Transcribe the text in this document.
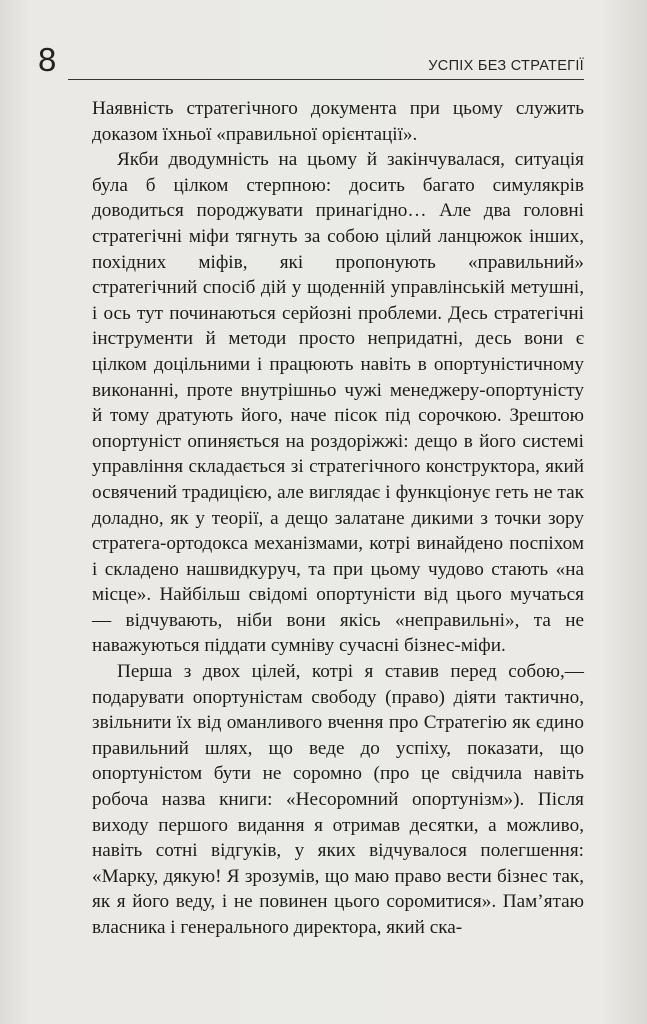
8	УСПІХ БЕЗ СТРАТЕГІЇ

Наявність стратегічного документа при цьому служить доказом їхньої «правильної орієнтації».

Якби дводумність на цьому й закінчувалася, ситуація була б цілком стерпною: досить багато симулякрів доводиться породжувати принагідно… Але два головні стратегічні міфи тягнуть за собою цілий ланцюжок інших, похідних міфів, які пропонують «правильний» стратегічний спосіб дій у щоденній управлінській метушні, і ось тут починаються серйозні проблеми. Десь стратегічні інструменти й методи просто непридатні, десь вони є цілком доцільними і працюють навіть в опортуністичному виконанні, проте внутрішньо чужі менеджеру-опортуністу й тому дратують його, наче пісок під сорочкою. Зрештою опортуніст опиняється на роздоріжжі: дещо в його системі управління складається зі стратегічного конструктора, який освячений традицією, але виглядає і функціонує геть не так доладно, як у теорії, а дещо залатане дикими з точки зору стратега-ортодокса механізмами, котрі винайдено поспіхом і складено нашвидкуруч, та при цьому чудово стають «на місце». Найбільш свідомі опортуністи від цього мучаться — відчувають, ніби вони якісь «неправильні», та не наважуються піддати сумніву сучасні бізнес-міфи.

Перша з двох цілей, котрі я ставив перед собою,— подарувати опортуністам свободу (право) діяти тактично, звільнити їх від оманливого вчення про Стратегію як єдино правильний шлях, що веде до успіху, показати, що опортуністом бути не соромно (про це свідчила навіть робоча назва книги: «Несоромний опортунізм»). Після виходу першого видання я отримав десятки, а можливо, навіть сотні відгуків, у яких відчувалося полегшення: «Марку, дякую! Я зрозумів, що маю право вести бізнес так, як я його веду, і не повинен цього соромитися». Пам’ятаю власника і генерального директора, який ска-
